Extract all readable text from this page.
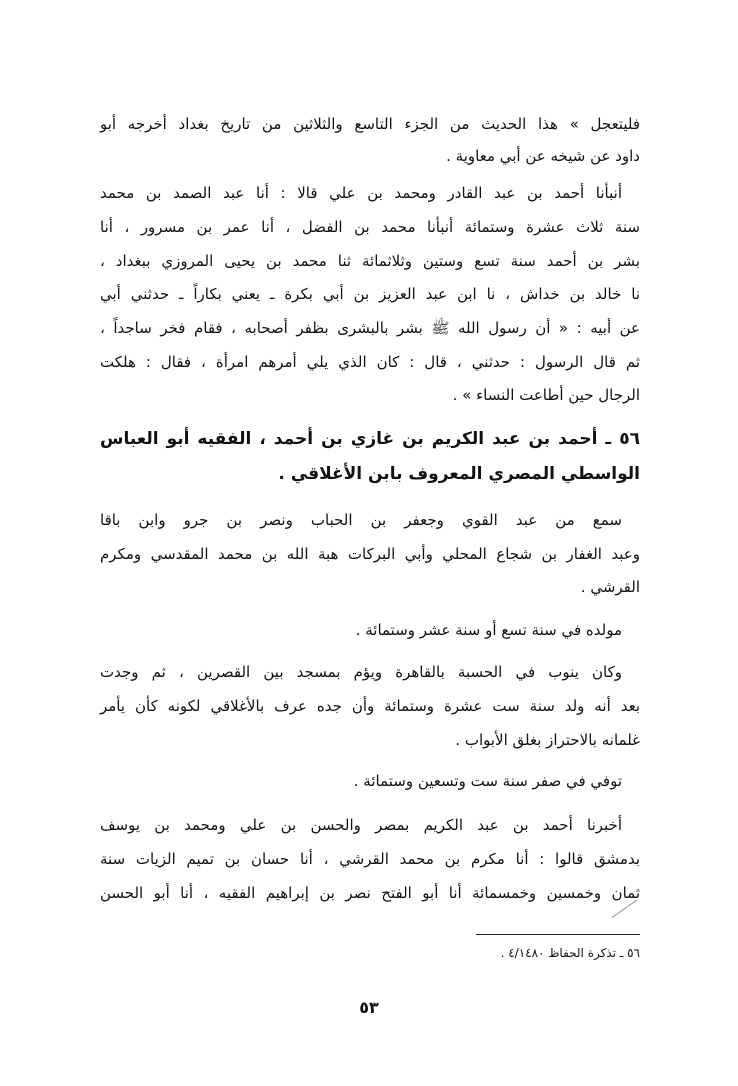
فليتعجل » هذا الحديث من الجزء التاسع والثلاثين من تاريخ بغداد أخرجه أبو
داود عن شيخه عن أبي معاوية .
أنبأنا أحمد بن عبد القادر ومحمد بن علي قالا : أنا عبد الصمد بن محمد
سنة ثلاث عشرة وستمائة أنبأنا محمد بن الفضل ، أنا عمر بن مسرور ، أنا
بشر بن أحمد سنة تسع وستين وثلاثمائة ثنا محمد بن يحيى المروزي ببغداد ،
نا خالد بن خداش ، نا ابن عبد العزيز بن أبي بكرة ـ يعني بكاراً ـ حدثني أبي
عن أبيه : « أن رسول الله ﷺ بشر بالبشرى بظفر أصحابه ، فقام فخر ساجداً ،
ثم قال الرسول : حدثني ، قال : كان الذي يلي أمرهم امرأة ، فقال : هلكت
الرجال حين أطاعت النساء » .
٥٦ ـ أحمد بن عبد الكريم بن غازي بن أحمد ، الفقيه أبو العباس
الواسطي المصري المعروف بابن الأغلاقي .
سمع من عبد القوي وجعفر بن الحباب ونصر بن جرو وابن باقا
وعبد الغفار بن شجاع المحلي وأبي البركات هبة الله بن محمد المقدسي ومكرم
القرشي .
مولده في سنة تسع أو سنة عشر وستمائة .
وكان ينوب في الحسبة بالقاهرة ويؤم بمسجد بين القصرين ، ثم وجدت
بعد أنه ولد سنة ست عشرة وستمائة وأن جده عرف بالأغلاقي لكونه كأن يأمر
غلمانه بالاحتراز بغلق الأبواب .
توفي في صفر سنة ست وتسعين وستمائة .
أخبرنا أحمد بن عبد الكريم بمصر والحسن بن علي ومحمد بن يوسف
بدمشق قالوا : أنا مكرم بن محمد القرشي ، أنا حسان بن تميم الزيات سنة
ثمان وخمسين وخمسمائة أنا أبو الفتح نصر بن إبراهيم الفقيه ، أنا أبو الحسن
٥٦ ـ تذكرة الحفاظ ٤/١٤٨٠ .
٥٣
